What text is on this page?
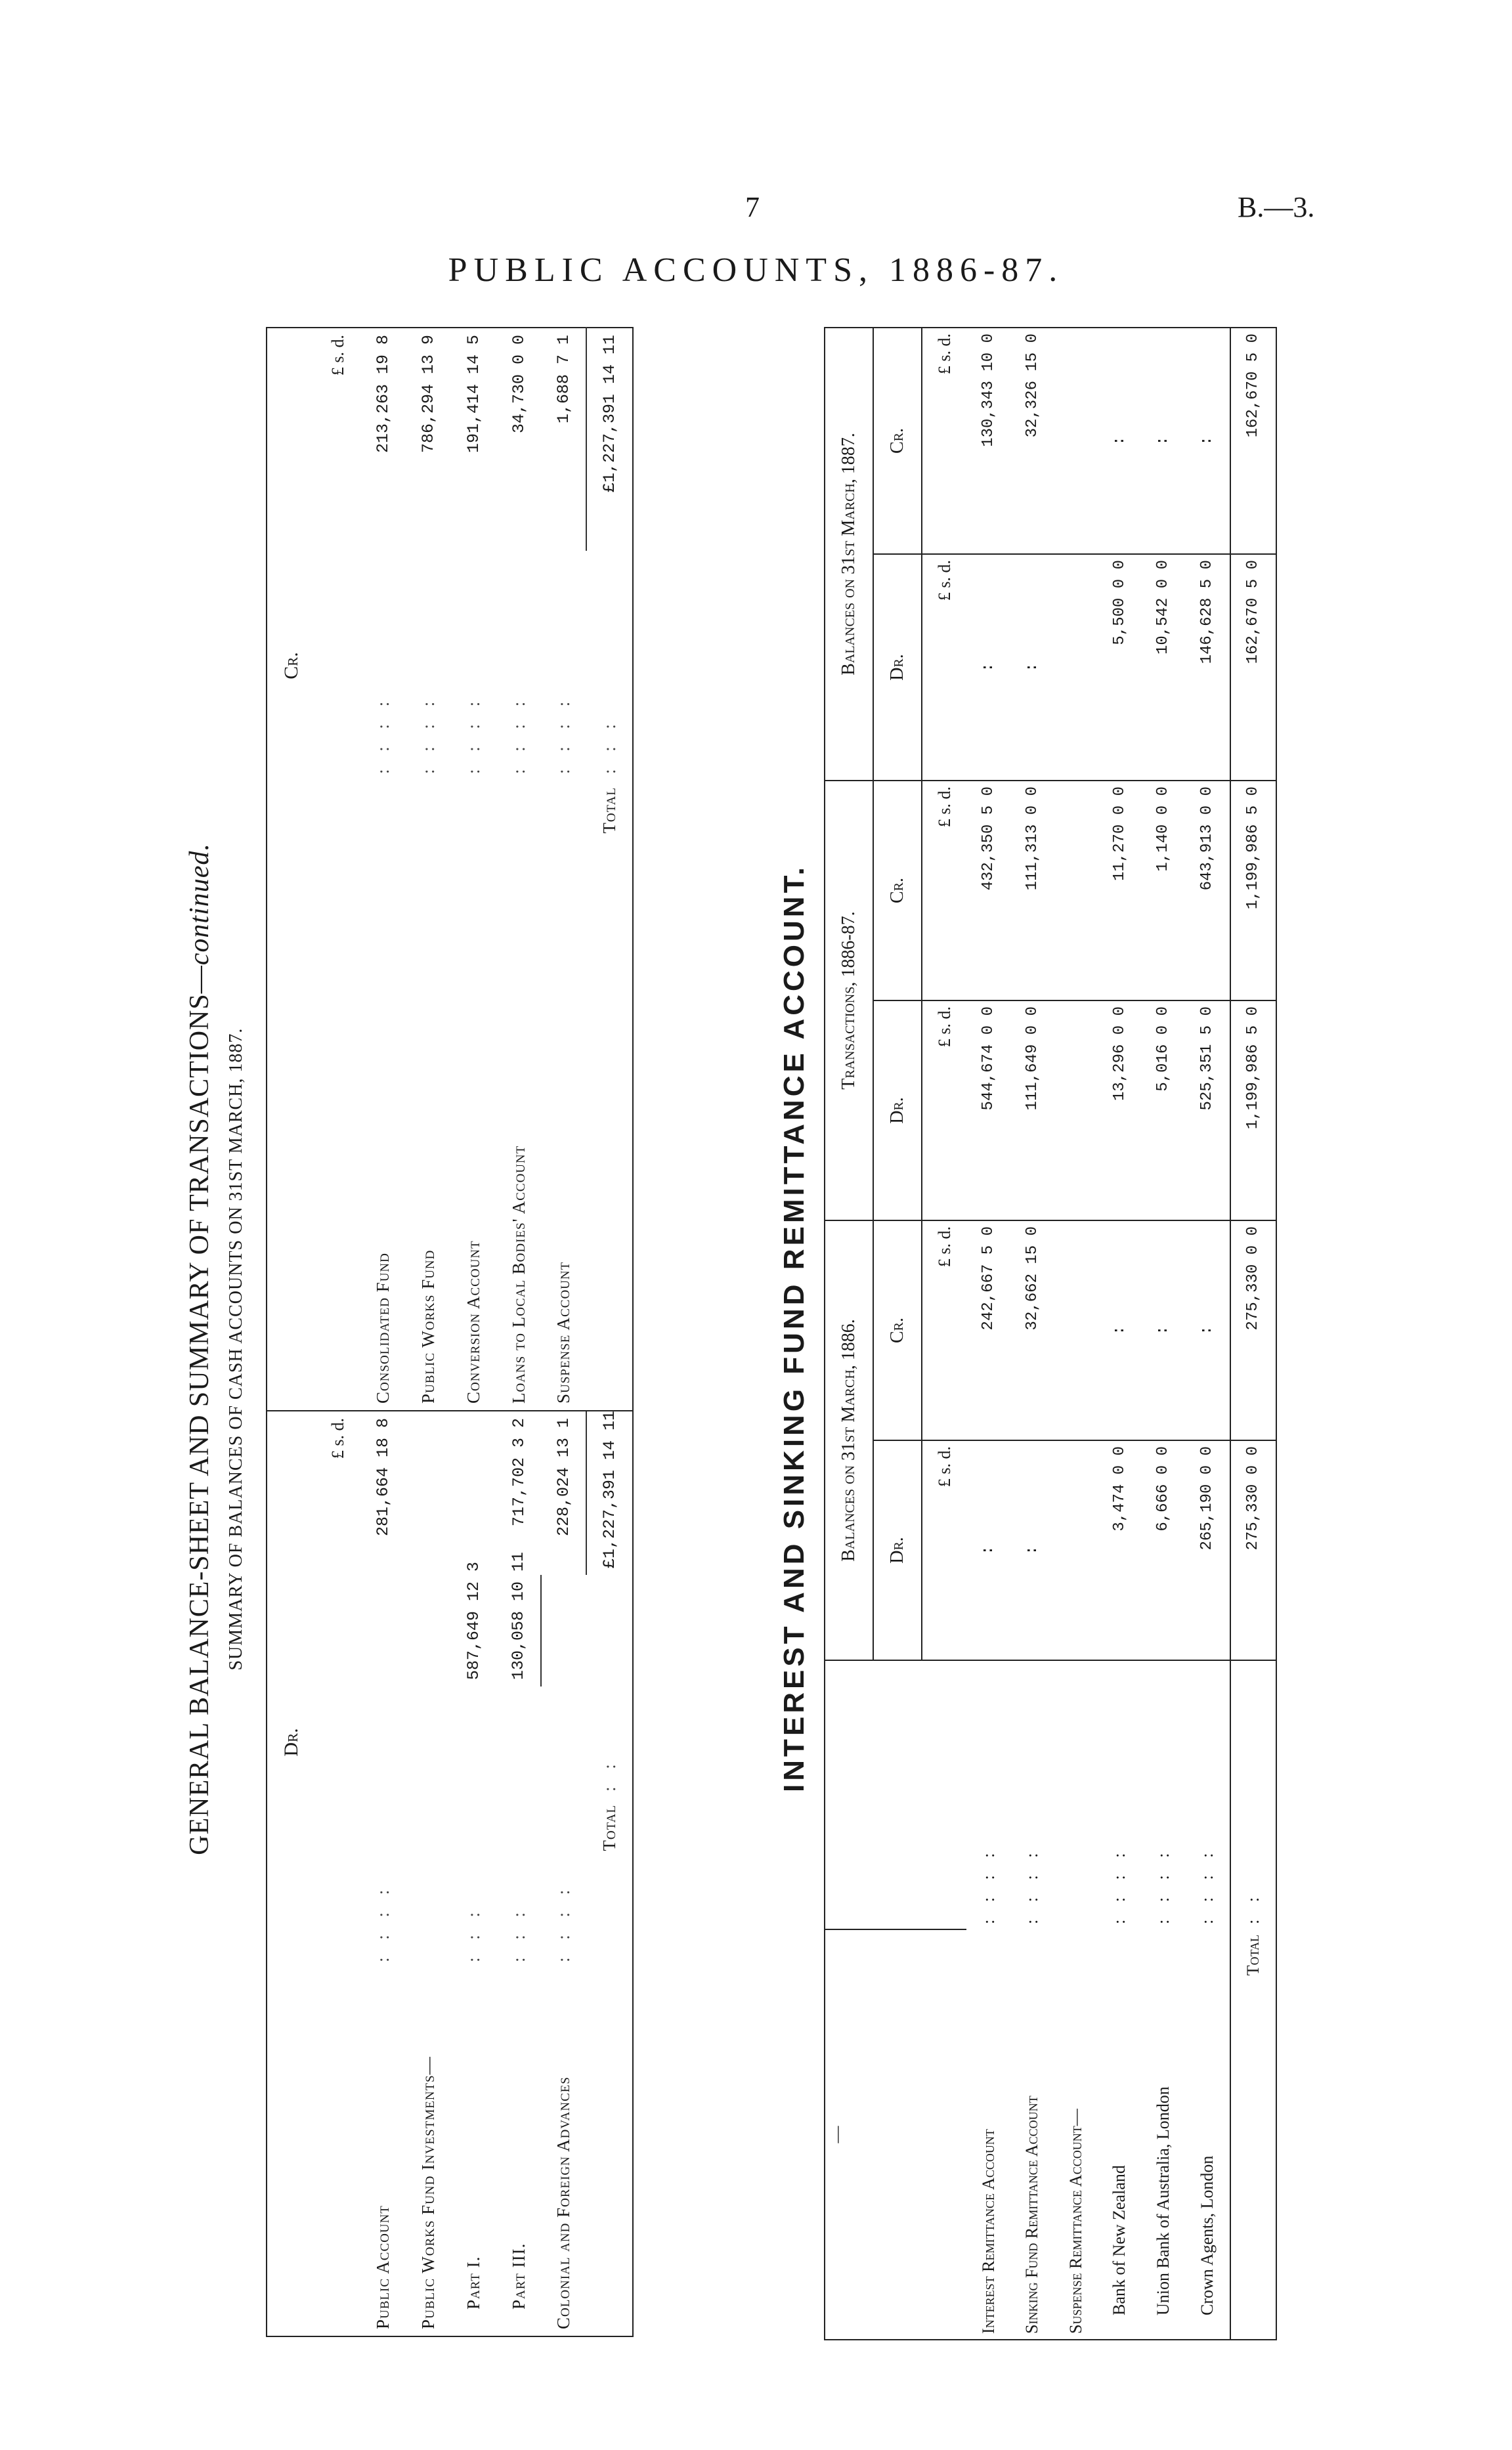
7	B.—3.
PUBLIC ACCOUNTS, 1886-87.
GENERAL BALANCE-SHEET AND SUMMARY OF TRANSACTIONS—continued.
SUMMARY OF BALANCES OF CASH ACCOUNTS ON 31ST MARCH, 1887.
		Dr.				Cr.	
				£ s. d.			£ s. d.
Public Account	: : : :			281,664 18 8	Consolidated Fund	: : : :	213,263 19 8
Public Works Fund Investments—					Public Works Fund	: : : :	786,294 13 9
Part I.	: : :		587,649 12 3		Conversion Account	: : : :	191,414 14 5
Part III.	: : :		130,058 10 11	717,702 3 2	Loans to Local Bodies' Account	: : : :	34,730 0 0
Colonial and Foreign Advances	: : : :			228,024 13 1	Suspense Account	: : : :	1,688 7 1
	Total	: :		£1,227,391 14 11	Total	: : :	£1,227,391 14 11
INTEREST AND SINKING FUND REMITTANCE ACCOUNT.
—		Balances on 31st March, 1886.		Transactions, 1886-87.		Balances on 31st March, 1887.	
		Dr.	Cr.	Dr.	Cr.	Dr.	Cr.
		£ s. d.	£ s. d.	£ s. d.	£ s. d.	£ s. d.	£ s. d.
Interest Remittance Account	: : : :	:	242,667 5 0	544,674 0 0	432,350 5 0	:	130,343 10 0
Sinking Fund Remittance Account	: : : :	:	32,662 15 0	111,649 0 0	111,313 0 0	:	32,326 15 0
Suspense Remittance Account—							
Bank of New Zealand	: : : :	3,474 0 0	:	13,296 0 0	11,270 0 0	5,500 0 0	:
Union Bank of Australia, London	: : : :	6,666 0 0	:	5,016 0 0	1,140 0 0	10,542 0 0	:
Crown Agents, London	: : : :	265,190 0 0	:	525,351 5 0	643,913 0 0	146,628 5 0	:
Total	: :	275,330 0 0	275,330 0 0	1,199,986 5 0	1,199,986 5 0	162,670 5 0	162,670 5 0
